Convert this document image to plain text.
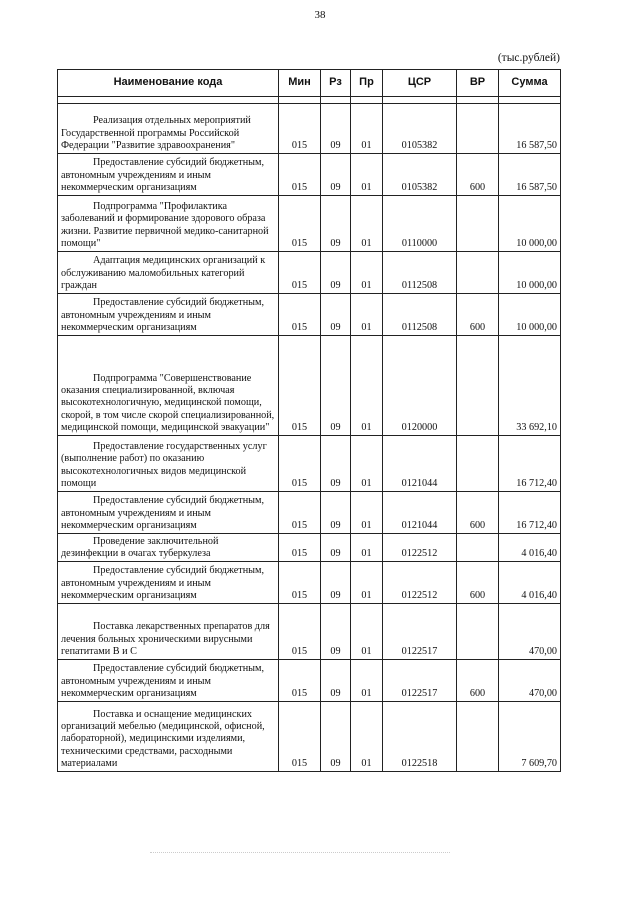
38
(тыс.рублей)
Наименование кода	Мин	Рз	Пр	ЦСР	ВР	Сумма

Реализация отдельных мероприятий Государственной программы Российской Федерации "Развитие здравоохранения"	015	09	01	0105382		16 587,50

Предоставление субсидий бюджетным, автономным учреждениям и иным некоммерческим организациям	015	09	01	0105382	600	16 587,50

Подпрограмма "Профилактика заболеваний и формирование здорового образа жизни. Развитие первичной медико-санитарной помощи"	015	09	01	0110000		10 000,00

Адаптация медицинских организаций к обслуживанию маломобильных категорий граждан	015	09	01	0112508		10 000,00

Предоставление субсидий бюджетным, автономным учреждениям и иным некоммерческим организациям	015	09	01	0112508	600	10 000,00

Подпрограмма "Совершенствование оказания специализированной, включая высокотехнологичную, медицинской помощи, скорой, в том числе скорой специализированной, медицинской помощи, медицинской эвакуации"	015	09	01	0120000		33 692,10

Предоставление государственных услуг (выполнение работ) по оказанию высокотехнологичных видов медицинской помощи	015	09	01	0121044		16 712,40

Предоставление субсидий бюджетным, автономным учреждениям и иным некоммерческим организациям	015	09	01	0121044	600	16 712,40

Проведение заключительной дезинфекции в очагах туберкулеза	015	09	01	0122512		4 016,40

Предоставление субсидий бюджетным, автономным учреждениям и иным некоммерческим организациям	015	09	01	0122512	600	4 016,40

Поставка лекарственных препаратов для лечения больных хроническими вирусными гепатитами В и С	015	09	01	0122517		470,00

Предоставление субсидий бюджетным, автономным учреждениям и иным некоммерческим организациям	015	09	01	0122517	600	470,00

Поставка и оснащение медицинских организаций мебелью (медицинской, офисной, лабораторной), медицинскими изделиями, техническими средствами, расходными материалами	015	09	01	0122518		7 609,70
